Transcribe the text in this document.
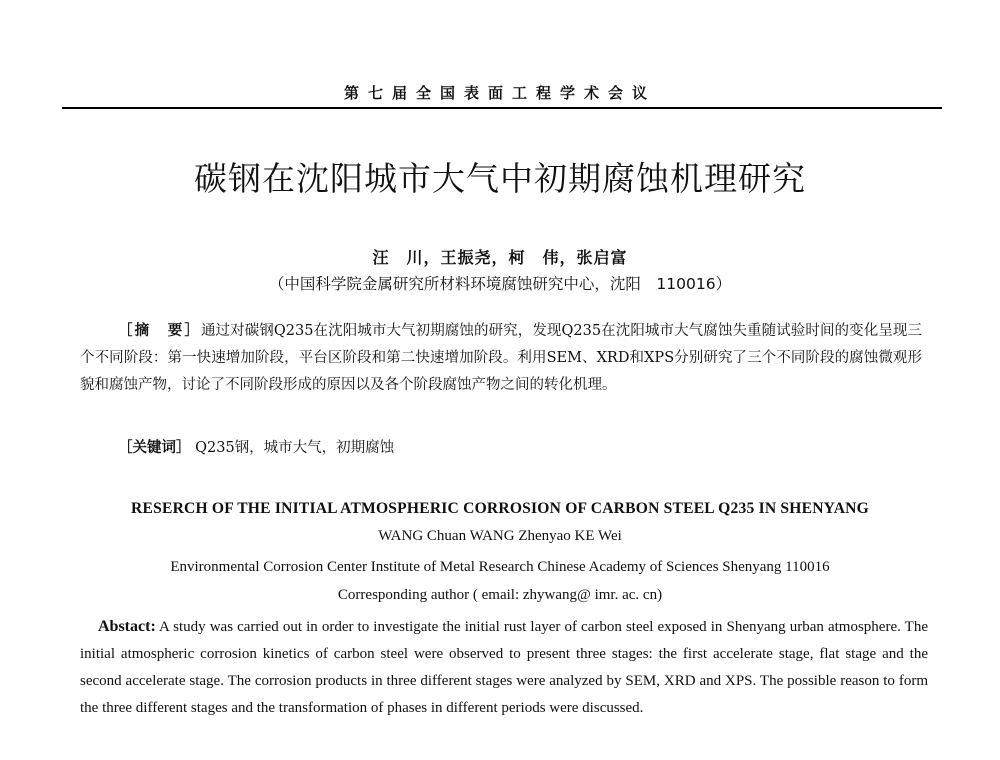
第七届全国表面工程学术会议
碳钢在沈阳城市大气中初期腐蚀机理研究
汪　川，王振尧，柯　伟，张启富
（中国科学院金属研究所材料环境腐蚀研究中心，沈阳　110016）
［摘　要］通过对碳钢Q235在沈阳城市大气初期腐蚀的研究，发现Q235在沈阳城市大气腐蚀失重随试验时间的变化呈现三个不同阶段：第一快速增加阶段，平台区阶段和第二快速增加阶段。利用SEM、XRD和XPS分别研究了三个不同阶段的腐蚀微观形貌和腐蚀产物，讨论了不同阶段形成的原因以及各个阶段腐蚀产物之间的转化机理。
［关键词］ Q235钢，城市大气，初期腐蚀
RESERCH OF THE INITIAL ATMOSPHERIC CORROSION OF CARBON STEEL Q235 IN SHENYANG
WANG Chuan WANG Zhenyao KE Wei
Environmental Corrosion Center Institute of Metal Research Chinese Academy of Sciences Shenyang 110016
Corresponding author ( email: zhywang@ imr. ac. cn)
Abstact: A study was carried out in order to investigate the initial rust layer of carbon steel exposed in Shenyang urban atmosphere. The initial atmospheric corrosion kinetics of carbon steel were observed to present three stages: the first accelerate stage, flat stage and the second accelerate stage. The corrosion products in three different stages were analyzed by SEM, XRD and XPS. The possible reason to form the three different stages and the transformation of phases in different periods were discussed.
